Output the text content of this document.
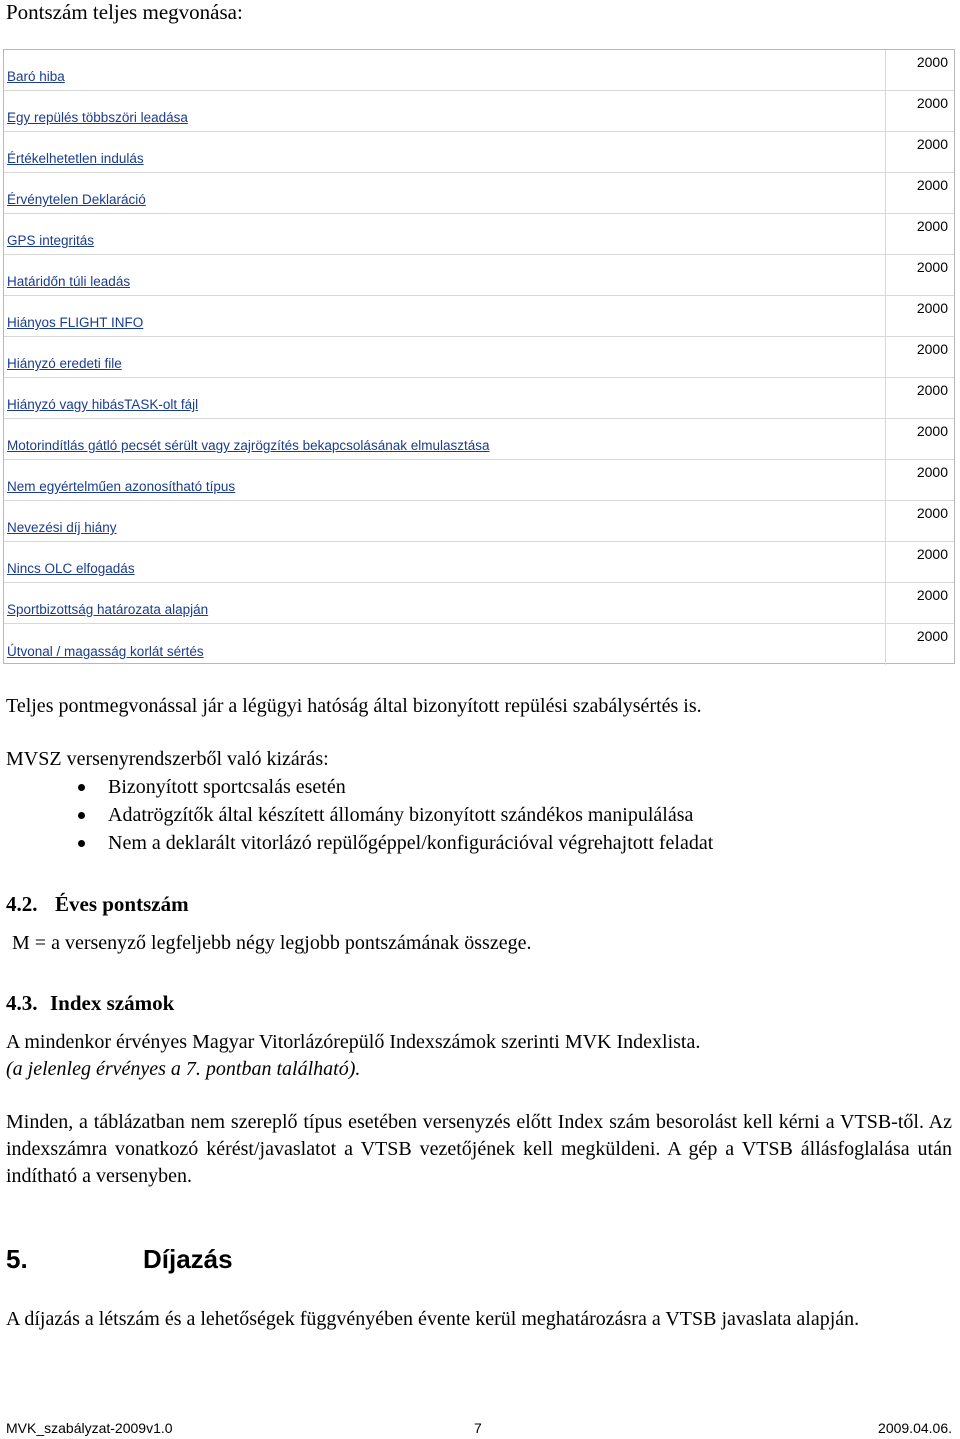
Pontszám teljes megvonása:
Baró hiba
2000
Egy repülés többszöri leadása
2000
Értékelhetetlen indulás
2000
Érvénytelen Deklaráció
2000
GPS integritás
2000
Határidőn túli leadás
2000
Hiányos FLIGHT INFO
2000
Hiányzó eredeti file
2000
Hiányzó vagy hibásTASK-olt fájl
2000
Motorindítlás gátló pecsét sérült vagy zajrögzítés bekapcsolásának elmulasztása
2000
Nem egyértelműen azonosítható típus
2000
Nevezési díj hiány
2000
Nincs OLC elfogadás
2000
Sportbizottság határozata alapján
2000
Útvonal / magasság korlát sértés
2000
Teljes pontmegvonással jár a légügyi hatóság által bizonyított repülési szabálysértés is.
MVSZ versenyrendszerből való kizárás:
Bizonyított sportcsalás esetén
Adatrögzítők által készített állomány bizonyított szándékos manipulálása
Nem a deklarált vitorlázó repülőgéppel/konfigurációval végrehajtott feladat
4.2. Éves pontszám
M = a versenyző legfeljebb négy legjobb pontszámának összege.
4.3. Index számok
A mindenkor érvényes Magyar Vitorlázórepülő Indexszámok szerinti MVK Indexlista.
(a jelenleg érvényes a 7. pontban található).
Minden, a táblázatban nem szereplő típus esetében versenyzés előtt Index szám besorolást kell kérni a VTSB-től. Az indexszámra vonatkozó kérést/javaslatot a VTSB vezetőjének kell megküldeni. A gép a VTSB állásfoglalása után indítható a versenyben.
5.	Díjazás
A díjazás a létszám és a lehetőségek függvényében évente kerül meghatározásra a VTSB javaslata alapján.
MVK_szabályzat-2009v1.0	7	2009.04.06.
